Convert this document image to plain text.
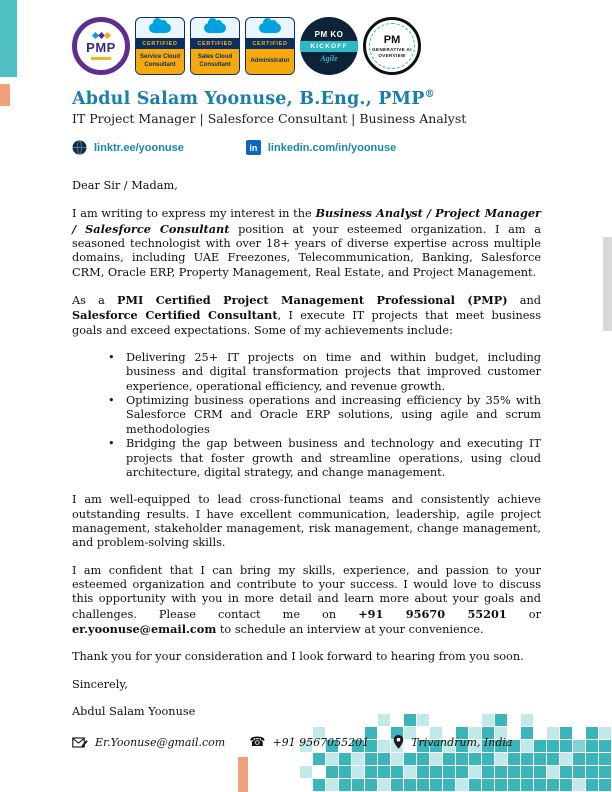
PMP	CERTIFIED
Service Cloud
Consultant
CERTIFIED
Sales Cloud
Consultant
CERTIFIED
Administrator
PM KO
KICKOFF
Agile
PM
GENERATIVE AI
OVERVIEW
Abdul Salam Yoonuse, B.Eng., PMP®

IT Project Manager | Salesforce Consultant | Business Analyst

linktr.ee/yoonuse	in linkedin.com/in/yoonuse

Dear Sir / Madam,

I am writing to express my interest in the Business Analyst / Project Manager / Salesforce Consultant position at your esteemed organization. I am a seasoned technologist with over 18+ years of diverse expertise across multiple domains, including UAE Freezones, Telecommunication, Banking, Salesforce CRM, Oracle ERP, Property Management, Real Estate, and Project Management.

As a PMI Certified Project Management Professional (PMP) and Salesforce Certified Consultant, I execute IT projects that meet business goals and exceed expectations. Some of my achievements include:

•	Delivering 25+ IT projects on time and within budget, including business and digital transformation projects that improved customer experience, operational efficiency, and revenue growth.
•	Optimizing business operations and increasing efficiency by 35% with Salesforce CRM and Oracle ERP solutions, using agile and scrum methodologies
•	Bridging the gap between business and technology and executing IT projects that foster growth and streamline operations, using cloud architecture, digital strategy, and change management.

I am well-equipped to lead cross-functional teams and consistently achieve outstanding results. I have excellent communication, leadership, agile project management, stakeholder management, risk management, change management, and problem-solving skills.

I am confident that I can bring my skills, experience, and passion to your esteemed organization and contribute to your success. I would love to discuss this opportunity with you in more detail and learn more about your goals and challenges. Please contact me on +91 95670 55201 or er.yoonuse@email.com to schedule an interview at your convenience.

Thank you for your consideration and I look forward to hearing from you soon.

Sincerely,

Abdul Salam Yoonuse

Er.Yoonuse@gmail.com ☎ +91 9567055201	Trivandrum, India
